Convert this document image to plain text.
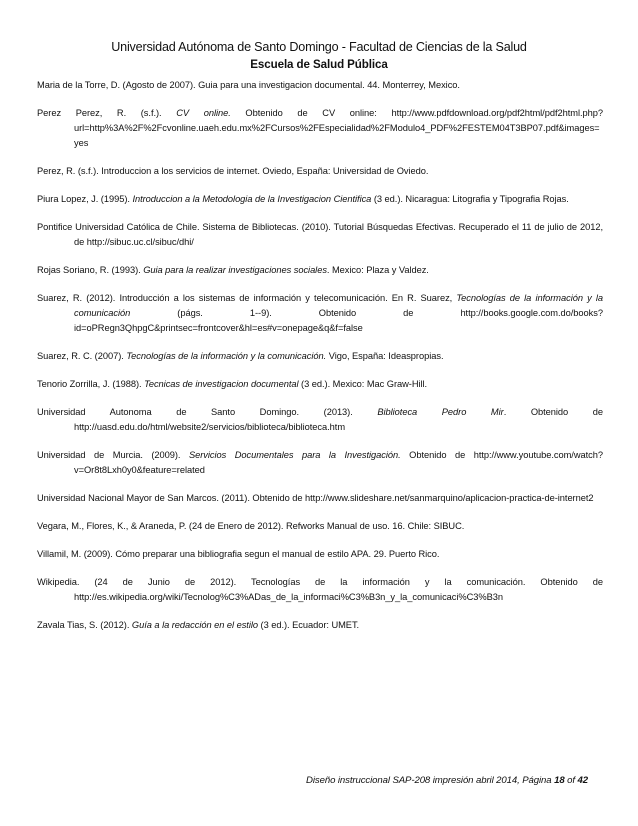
Universidad Autónoma de Santo Domingo - Facultad de Ciencias de la Salud
Escuela de Salud Pública
Maria de la Torre, D. (Agosto de 2007). Guia para una investigacion documental. 44. Monterrey, Mexico.
Perez Perez, R. (s.f.). CV online. Obtenido de CV online: http://www.pdfdownload.org/pdf2html/pdf2html.php?url=http%3A%2F%2Fcvonline.uaeh.edu.mx%2FCursos%2FEspecialidad%2FModulo4_PDF%2FESTEM04T3BP07.pdf&images=yes
Perez, R. (s.f.). Introduccion a los servicios de internet. Oviedo, España: Universidad de Oviedo.
Piura Lopez, J. (1995). Introduccion a la Metodologia de la Investigacion Cientifica (3 ed.). Nicaragua: Litografia y Tipografia Rojas.
Pontifice Universidad Católica de Chile. Sistema de Bibliotecas. (2010). Tutorial Búsquedas Efectivas. Recuperado el 11 de julio de 2012, de http://sibuc.uc.cl/sibuc/dhi/
Rojas Soriano, R. (1993). Guia para la realizar investigaciones sociales. Mexico: Plaza y Valdez.
Suarez, R. (2012). Introducción a los sistemas de información y telecomunicación. En R. Suarez, Tecnologías de la información y la comunicación (págs. 1--9). Obtenido de http://books.google.com.do/books?id=oPRegn3QhpgC&printsec=frontcover&hl=es#v=onepage&q&f=false
Suarez, R. C. (2007). Tecnologías de la información y la comunicación. Vigo, España: Ideaspropias.
Tenorio Zorrilla, J. (1988). Tecnicas de investigacion documental (3 ed.). Mexico: Mac Graw-Hill.
Universidad Autonoma de Santo Domingo. (2013). Biblioteca Pedro Mir. Obtenido de http://uasd.edu.do/html/website2/servicios/biblioteca/biblioteca.htm
Universidad de Murcia. (2009). Servicios Documentales para la Investigación. Obtenido de http://www.youtube.com/watch?v=Or8t8Lxh0y0&feature=related
Universidad Nacional Mayor de San Marcos. (2011). Obtenido de http://www.slideshare.net/sanmarquino/aplicacion-practica-de-internet2
Vegara, M., Flores, K., & Araneda, P. (24 de Enero de 2012). Refworks Manual de uso. 16. Chile: SIBUC.
Villamil, M. (2009). Cómo preparar una bibliografia segun el manual de estilo APA. 29. Puerto Rico.
Wikipedia. (24 de Junio de 2012). Tecnologías de la información y la comunicación. Obtenido de http://es.wikipedia.org/wiki/Tecnolog%C3%ADas_de_la_informaci%C3%B3n_y_la_comunicaci%C3%B3n
Zavala Tias, S. (2012). Guía a la redacción en el estilo (3 ed.). Ecuador: UMET.
Diseño instruccional SAP-208 impresión abril 2014, Página 18 of 42
